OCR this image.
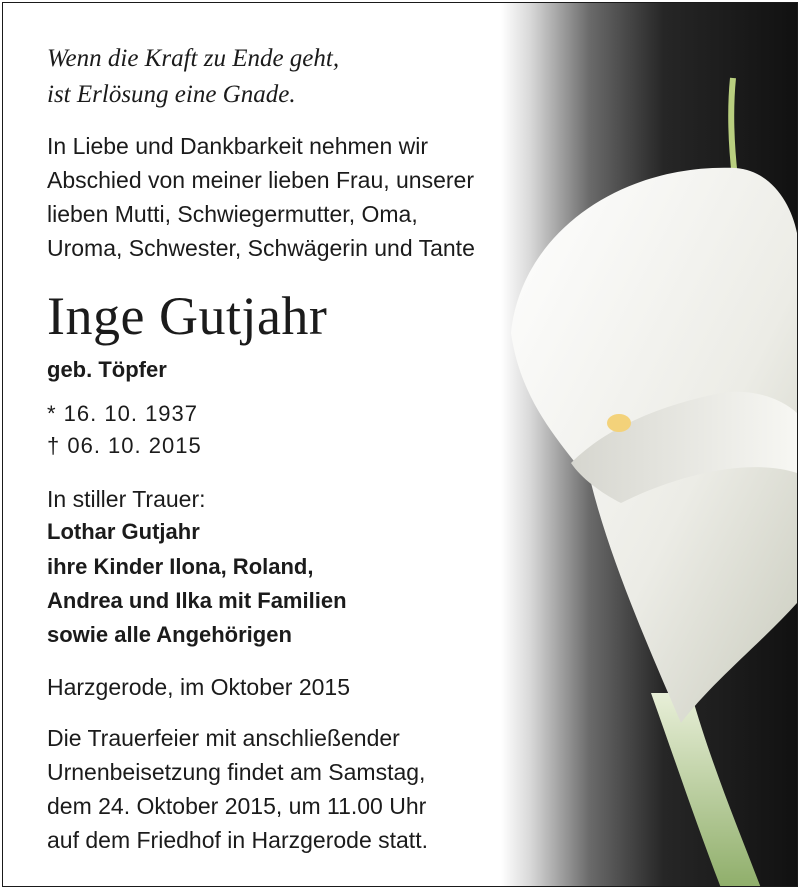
Wenn die Kraft zu Ende geht,
ist Erlösung eine Gnade.
In Liebe und Dankbarkeit nehmen wir
Abschied von meiner lieben Frau, unserer
lieben Mutti, Schwiegermutter, Oma,
Uroma, Schwester, Schwägerin und Tante
Inge Gutjahr
geb. Töpfer
* 16. 10. 1937
† 06. 10. 2015
In stiller Trauer:
Lothar Gutjahr
ihre Kinder Ilona, Roland,
Andrea und Ilka mit Familien
sowie alle Angehörigen
Harzgerode, im Oktober 2015
Die Trauerfeier mit anschließender
Urnenbeisetzung findet am Samstag,
dem 24. Oktober 2015, um 11.00 Uhr
auf dem Friedhof in Harzgerode statt.
